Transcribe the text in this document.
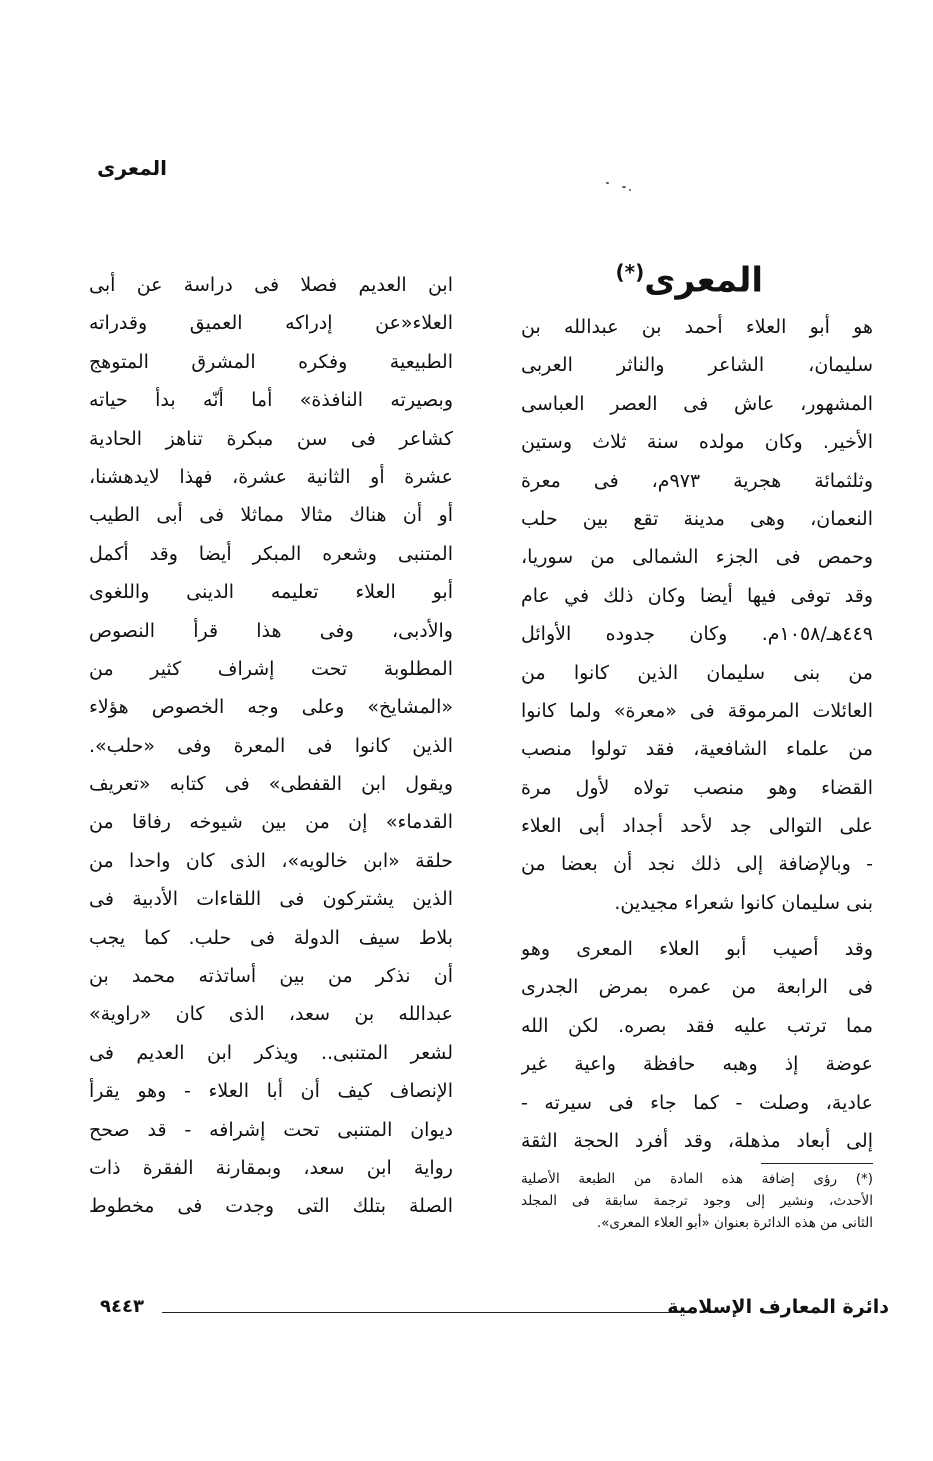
المعرى
المعرى(*)
هو أبو العلاء أحمد بن عبدالله بن
سليمان، الشاعر والناثر العربى
المشهور، عاش فى العصر العباسى
الأخير. وكان مولده سنة ثلاث وستين
وثلثمائة هجرية ٩٧٣م، فى معرة
النعمان، وهى مدينة تقع بين حلب
وحمص فى الجزء الشمالى من سوريا،
وقد توفى فيها أيضا وكان ذلك في عام
٤٤٩هـ/١٠٥٨م. وكان جدوده الأوائل
من بنى سليمان الذين كانوا من
العائلات المرموقة فى «معرة» ولما كانوا
من علماء الشافعية، فقد تولوا منصب
القضاء وهو منصب تولاه لأول مرة
على التوالى جد لأحد أجداد أبى العلاء
- وبالإضافة إلى ذلك نجد أن بعضا من
بنى سليمان كانوا شعراء مجيدين.
وقد أصيب أبو العلاء المعرى وهو
فى الرابعة من عمره بمرض الجدرى
مما ترتب عليه فقد بصره. لكن الله
عوضة إذ وهبه حافظة واعية غير
عادية، وصلت - كما جاء فى سيرته -
إلى أبعاد مذهلة، وقد أفرد الحجة الثقة
(*) رؤى إضافة هذه المادة من الطبعة الأصلية
الأحدث، ونشير إلى وجود ترجمة سابقة فى المجلد
الثانى من هذه الدائرة بعنوان «أبو العلاء المعرى».
ابن العديم فصلا فى دراسة عن أبى
العلاء«عن إدراكه العميق وقدراته
الطبيعية وفكره المشرق المتوهج
وبصيرته النافذة» أما أنّه بدأ حياته
كشاعر فى سن مبكرة تناهز الحادية
عشرة أو الثانية عشرة، فهذا لايدهشنا،
أو أن هناك مثالا مماثلا فى أبى الطيب
المتنبى وشعره المبكر أيضا وقد أكمل
أبو العلاء تعليمه الدينى واللغوى
والأدبى، وفى هذا قرأ النصوص
المطلوبة تحت إشراف كثير من
«المشايخ» وعلى وجه الخصوص هؤلاء
الذين كانوا فى المعرة وفى «حلب».
ويقول ابن القفطى» فى كتابه «تعريف
القدماء» إن من بين شيوخه رفاقا من
حلقة «ابن خالويه»، الذى كان واحدا من
الذين يشتركون فى اللقاءات الأدبية فى
بلاط سيف الدولة فى حلب. كما يجب
أن نذكر من بين أساتذته محمد بن
عبدالله بن سعد، الذى كان «راوية»
لشعر المتنبى.. ويذكر ابن العديم فى
الإنصاف كيف أن أبا العلاء - وهو يقرأ
ديوان المتنبى تحت إشرافه - قد صحح
رواية ابن سعد، وبمقارنة الفقرة ذات
الصلة بتلك التى وجدت فى مخطوط
دائرة المعارف الإسلامية
٩٤٤٣
